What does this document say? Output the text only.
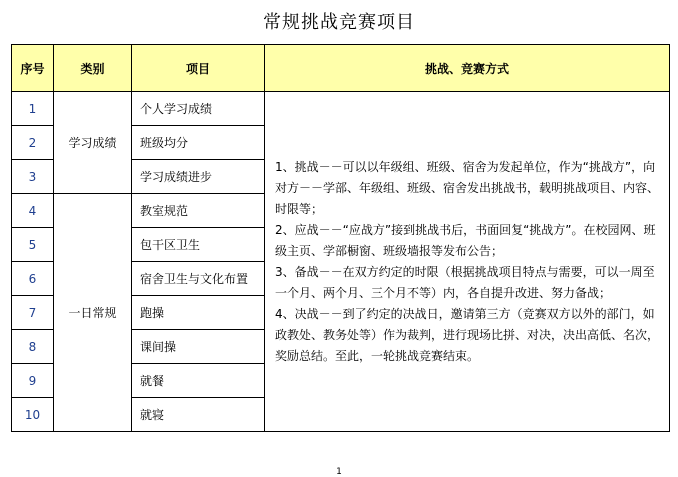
常规挑战竞赛项目
序号	类别	项目	挑战、竞赛方式
1	学习成绩	个人学习成绩	1、挑战－－可以以年级组、班级、宿舍为发起单位，作为“挑战方”，向对方－－学部、年级组、班级、宿舍发出挑战书，载明挑战项目、内容、时限等；

2、应战－－“应战方”接到挑战书后，书面回复“挑战方”。在校园网、班级主页、学部橱窗、班级墙报等发布公告；

3、备战－－在双方约定的时限（根据挑战项目特点与需要，可以一周至一个月、两个月、三个月不等）内，各自提升改进、努力备战；

4、决战－－到了约定的决战日，邀请第三方（竞赛双方以外的部门，如政教处、教务处等）作为裁判，进行现场比拼、对决，决出高低、名次，奖励总结。至此，一轮挑战竞赛结束。

2		班级均分	
3		学习成绩进步	
4	一日常规	教室规范	
5		包干区卫生	
6		宿舍卫生与文化布置	
7		跑操	
8		课间操	
9		就餐	
10		就寝	
1
